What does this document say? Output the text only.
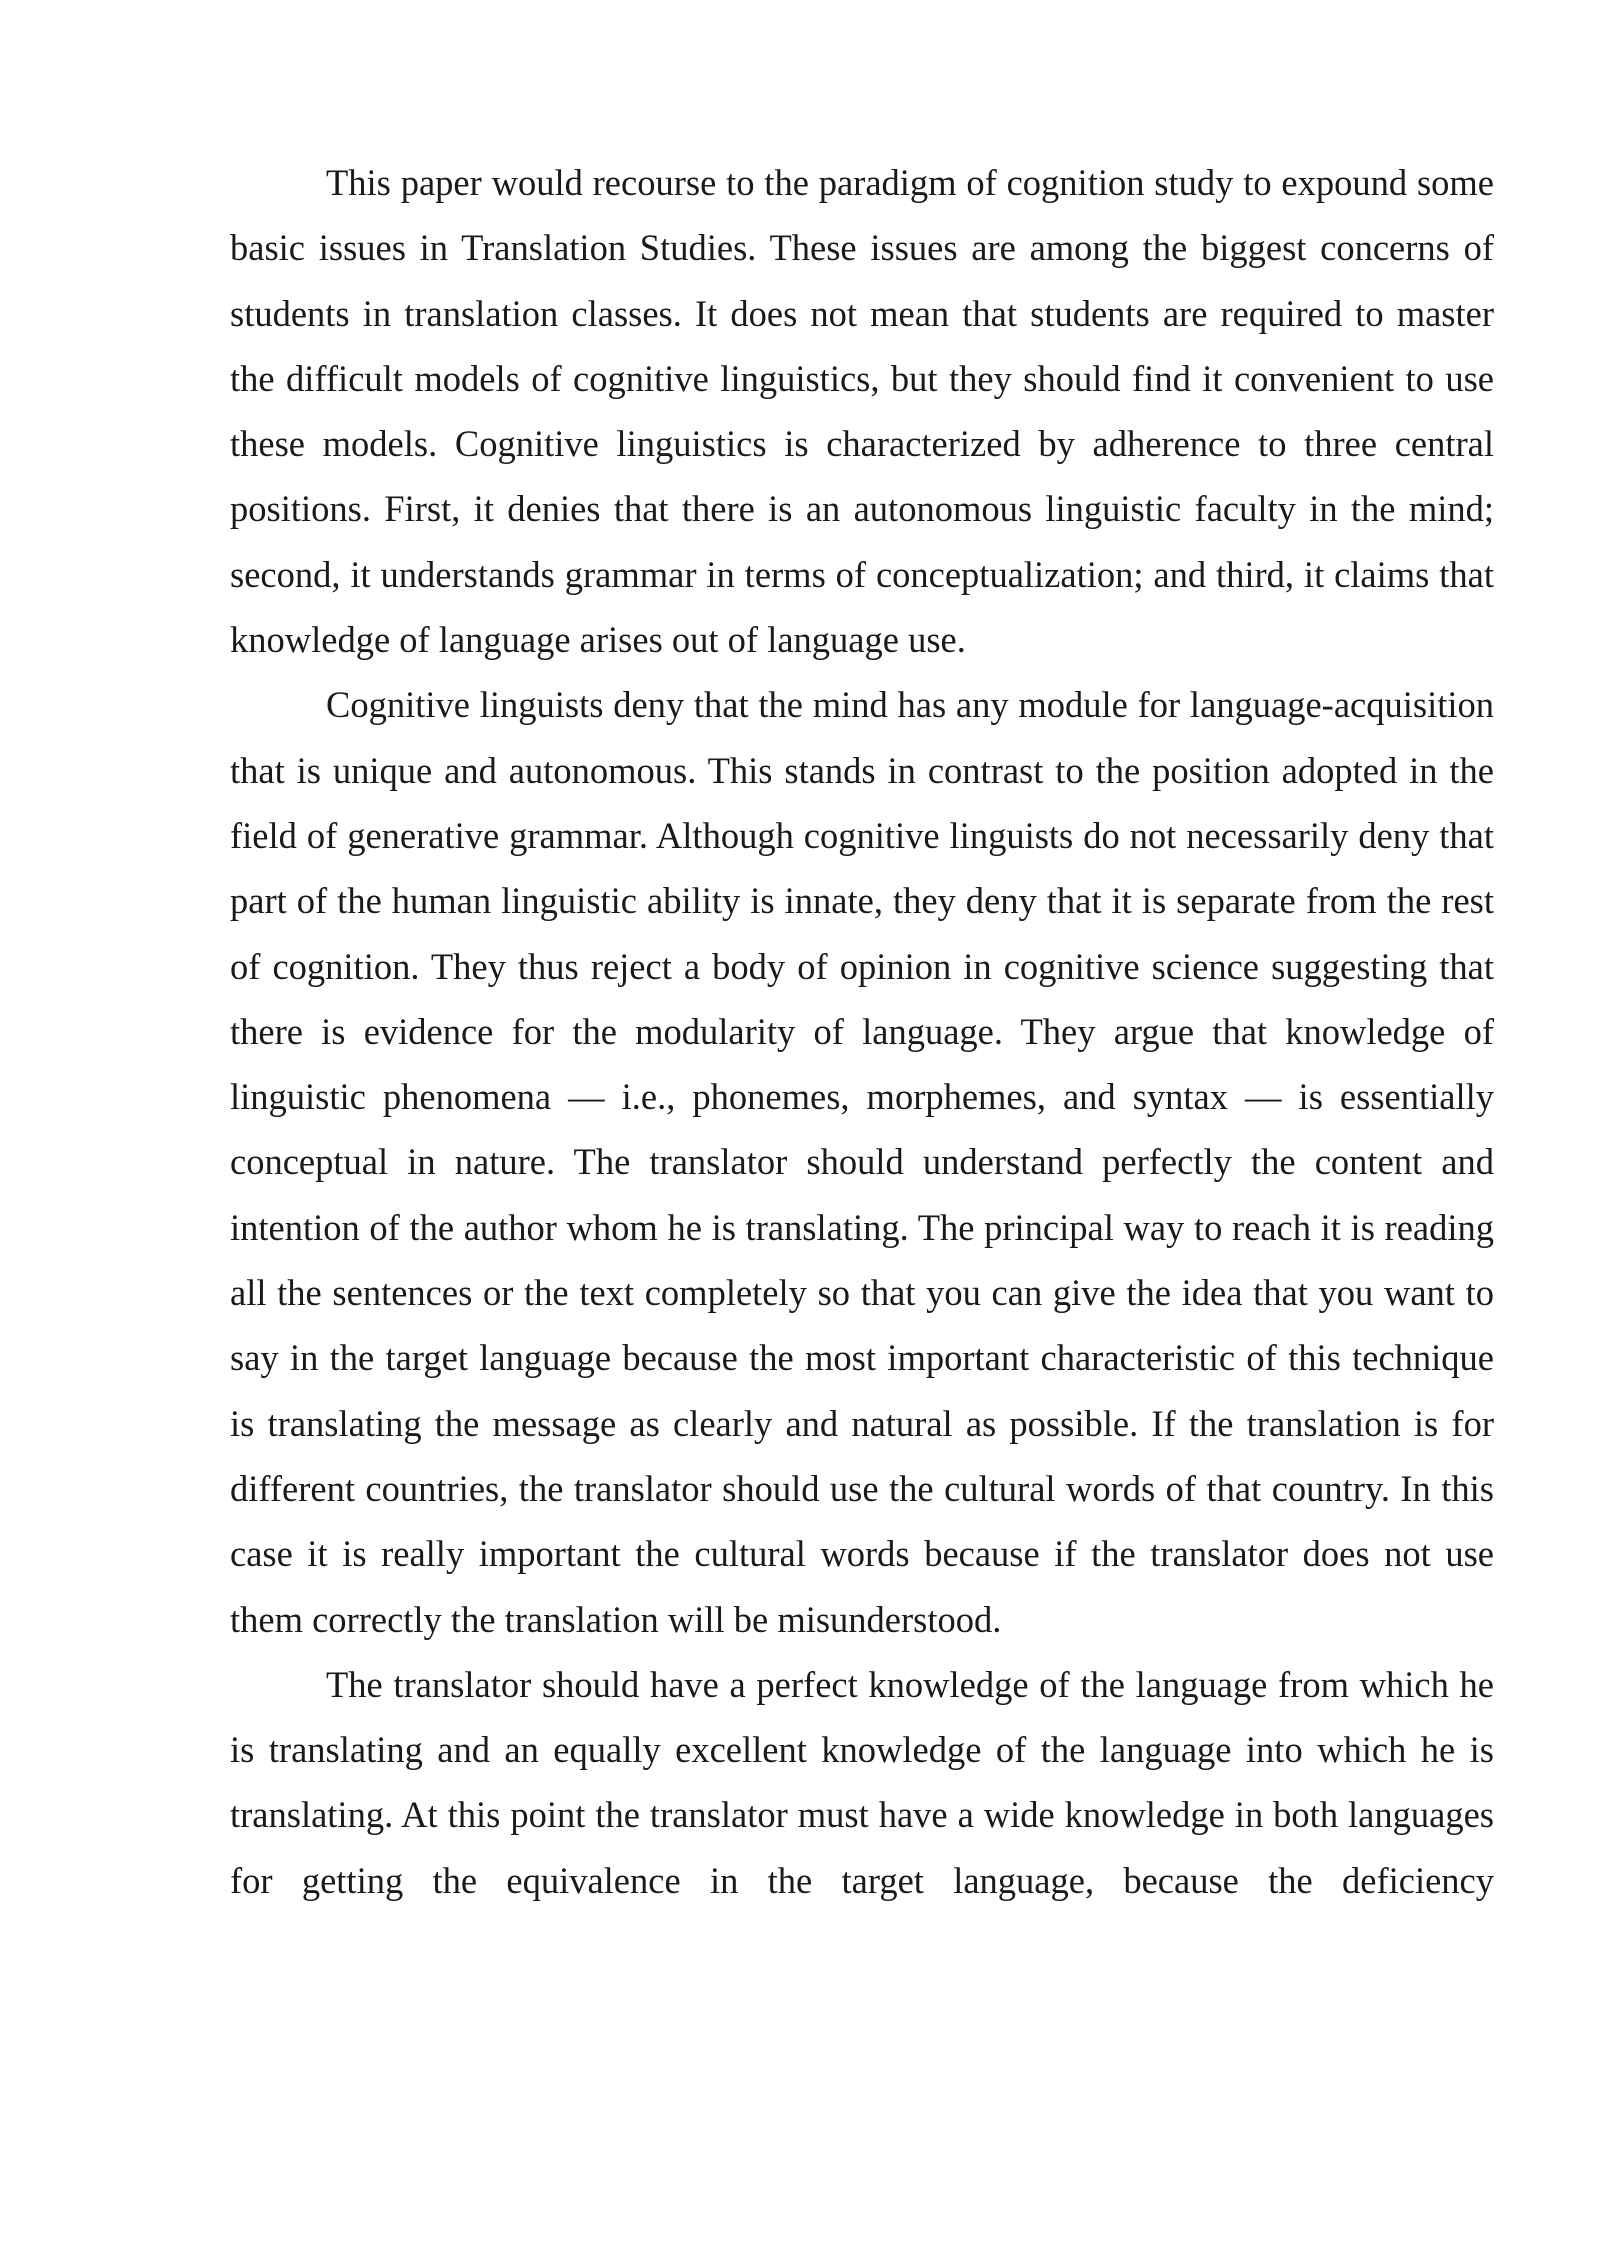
This paper would recourse to the paradigm of cognition study to expound some basic issues in Translation Studies. These issues are among the biggest concerns of students in translation classes. It does not mean that students are required to master the difficult models of cognitive linguistics, but they should find it convenient to use these models. Cognitive linguistics is characterized by adherence to three central positions. First, it denies that there is an autonomous linguistic faculty in the mind; second, it understands grammar in terms of conceptualization; and third, it claims that knowledge of language arises out of language use.

Cognitive linguists deny that the mind has any module for language-acquisition that is unique and autonomous. This stands in contrast to the position adopted in the field of generative grammar. Although cognitive linguists do not necessarily deny that part of the human linguistic ability is innate, they deny that it is separate from the rest of cognition. They thus reject a body of opinion in cognitive science suggesting that there is evidence for the modularity of language. They argue that knowledge of linguistic phenomena — i.e., phonemes, morphemes, and syntax — is essentially conceptual in nature. The translator should understand perfectly the content and intention of the author whom he is translating. The principal way to reach it is reading all the sentences or the text completely so that you can give the idea that you want to say in the target language because the most important characteristic of this technique is translating the message as clearly and natural as possible. If the translation is for different countries, the translator should use the cultural words of that country. In this case it is really important the cultural words because if the translator does not use them correctly the translation will be misunderstood.

The translator should have a perfect knowledge of the language from which he is translating and an equally excellent knowledge of the language into which he is translating. At this point the translator must have a wide knowledge in both languages for getting the equivalence in the target language, because the deficiency
